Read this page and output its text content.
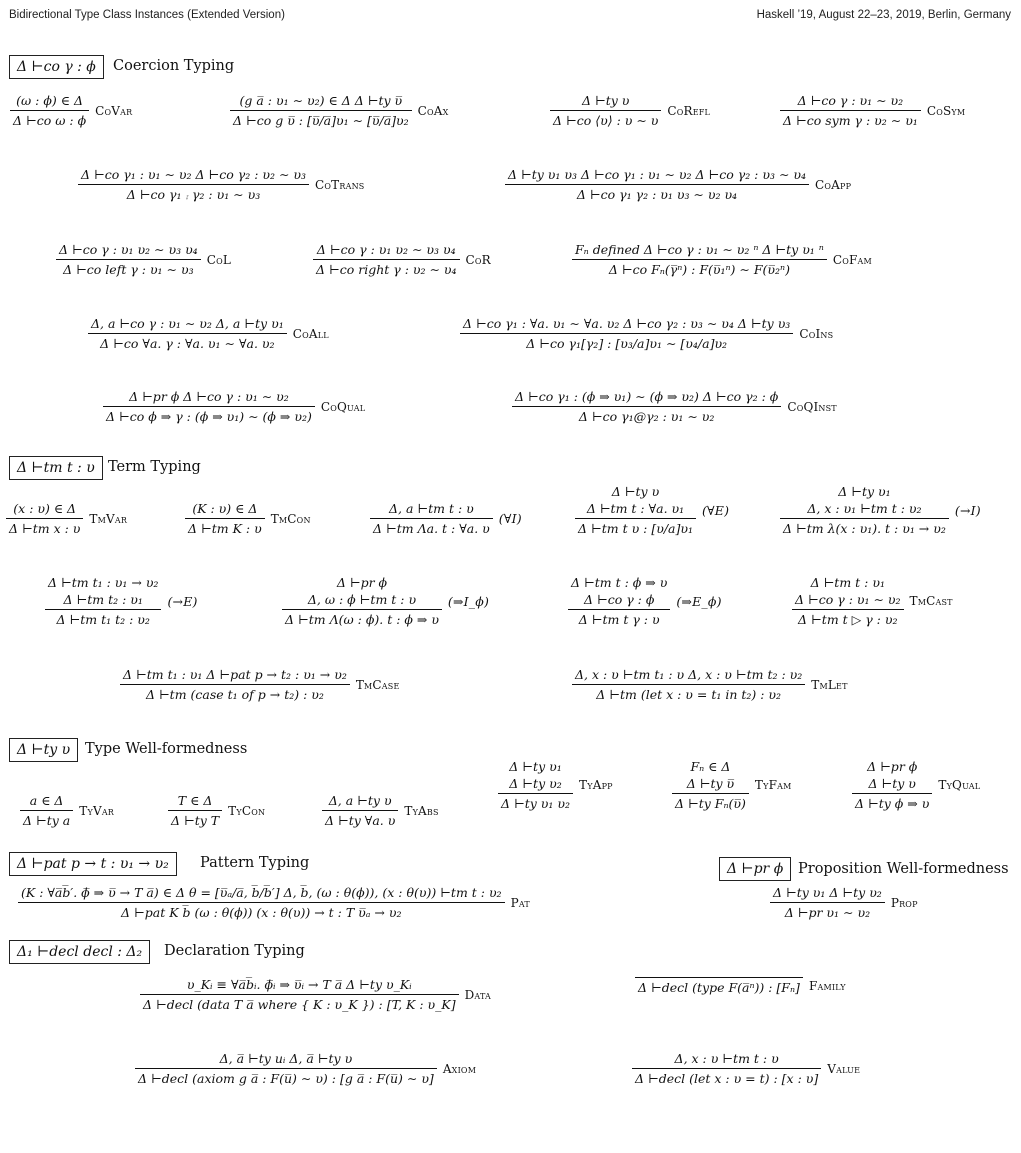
Bidirectional Type Class Instances (Extended Version)	Haskell ’19, August 22–23, 2019, Berlin, Germany
Δ ⊢co γ : ϕ	Coercion Typing
Δ ⊢tm t : υ Term Typing
Δ ⊢ty υ	Type Well-formedness
Δ ⊢pat p → t : υ₁ → υ₂	Pattern Typing	Δ ⊢pr ϕ	Proposition Well-formedness
Δ₁ ⊢decl decl : Δ₂	Declaration Typing
$\frac{(\omega : \phi) \in \Delta}{\text{Δ ⊢co ω : ϕ}}$ CoVar	$\frac{\text{(g a̅ : υ₁ ∼ υ₂) ∈ Δ Δ ⊢ty υ̅}}{\text{Δ ⊢co g υ̅ : [υ̅/a̅]υ₁ ∼ [υ̅/a̅]υ₂}}$ CoAx	$\frac{\text{Δ ⊢ty υ}}{\Delta ⊢co ⟨\upsilon⟩ : \upsilon \sim \upsilon}$ CoRefl	$\frac{\text{Δ ⊢co γ : υ₁ ∼ υ₂}}{\text{Δ ⊢co sym γ : υ₂ ∼ υ₁}}$ CoSym
$\frac{\text{Δ ⊢co γ₁ : υ₁ ∼ υ₂ Δ ⊢co γ₂ : υ₂ ∼ υ₃}}{\text{Δ ⊢co γ₁ ⨾ γ₂ : υ₁ ∼ υ₃}}$ CoTrans	$\frac{\text{Δ ⊢ty υ₁ υ₃ Δ ⊢co γ₁ : υ₁ ∼ υ₂ Δ ⊢co γ₂ : υ₃ ∼ υ₄}}{\text{Δ ⊢co γ₁ γ₂ : υ₁ υ₃ ∼ υ₂ υ₄}}$ CoApp
$\frac{\text{Δ ⊢co γ : υ₁ υ₂ ∼ υ₃ υ₄}}{\text{Δ ⊢co left γ : υ₁ ∼ υ₃}}$ CoL	$\frac{\text{Δ ⊢co γ : υ₁ υ₂ ∼ υ₃ υ₄}}{\text{Δ ⊢co right γ : υ₂ ∼ υ₄}}$ CoR	$\frac{\text{Fₙ defined Δ ⊢co γ : υ₁ ∼ υ₂ ⁿ Δ ⊢ty υ₁ ⁿ}}{\text{Δ ⊢co Fₙ(γ̅ⁿ) : F(υ̅₁ⁿ) ∼ F(υ̅₂ⁿ)}}$ CoFam
$\frac{\text{Δ, a ⊢co γ : υ₁ ∼ υ₂ Δ, a ⊢ty υ₁}}{\text{Δ ⊢co ∀a. γ : ∀a. υ₁ ∼ ∀a. υ₂}}$ CoAll
Δ ⊢co γ₁ : ∀a. υ₁ ∼ ∀a. υ₂ Δ ⊢co γ₂ : υ₃ ∼ υ₄ Δ ⊢ty υ₃
Δ ⊢co γ₁[γ₂] : [υ₃/a]υ₁ ∼ [υ₄/a]υ₂
CoIns
$\frac{\text{Δ ⊢pr ϕ Δ ⊢co γ : υ₁ ∼ υ₂}}{\text{Δ ⊢co ϕ ⇒ γ : (ϕ ⇒ υ₁) ∼ (ϕ ⇒ υ₂)}}$ CoQual	$\frac{\text{Δ ⊢co γ₁ : (ϕ ⇒ υ₁) ∼ (ϕ ⇒ υ₂) Δ ⊢co γ₂ : ϕ}}{\text{Δ ⊢co γ₁@γ₂ : υ₁ ∼ υ₂}}$ CoQInst
$\frac{(x : \upsilon) \in \Delta}{\text{Δ ⊢tm x : υ}}$ TmVar	$\frac{(K : \upsilon) \in \Delta}{\text{Δ ⊢tm K : υ}}$ TmCon	$\frac{\text{Δ, a ⊢tm t : υ}}{\text{Δ ⊢tm Λa. t : ∀a. υ}}$ (∀I)	Δ ⊢ty υ
Δ ⊢tm t : ∀a. υ₁
Δ ⊢tm t υ : [υ/a]υ₁ (∀E)	Δ ⊢ty υ₁
Δ, x : υ₁ ⊢tm t : υ₂
Δ ⊢tm λ(x : υ₁). t : υ₁ → υ₂ (→I)
Δ ⊢tm t₁ : υ₁ → υ₂
Δ ⊢tm t₂ : υ₁
Δ ⊢tm t₁ t₂ : υ₂ (→E)	Δ ⊢pr ϕ
Δ, ω : ϕ ⊢tm t : υ
Δ ⊢tm Λ(ω : ϕ). t : ϕ ⇒ υ (⇒I_ϕ)	Δ ⊢tm t : ϕ ⇒ υ
Δ ⊢co γ : ϕ
Δ ⊢tm t γ : υ (⇒E_ϕ)	Δ ⊢tm t : υ₁
Δ ⊢co γ : υ₁ ∼ υ₂
Δ ⊢tm t ▷ γ : υ₂ TmCast
$\frac{\text{Δ ⊢tm t₁ : υ₁ Δ ⊢pat p → t₂ : υ₁ → υ₂}}{\text{Δ ⊢tm (case t₁ of p → t₂) : υ₂}}$ TmCase	$\frac{\text{Δ, x : υ ⊢tm t₁ : υ Δ, x : υ ⊢tm t₂ : υ₂}}{\text{Δ ⊢tm (let x : υ = t₁ in t₂) : υ₂}}$ TmLet
$\frac{a \in \Delta}{\text{Δ ⊢ty a}}$ TyVar	$\frac{T \in \Delta}{\text{Δ ⊢ty T}}$ TyCon	$\frac{\text{Δ, a ⊢ty υ}}{\Delta ⊢ty \forall a. \upsilon}$ TyAbs	Δ ⊢ty υ₁
Δ ⊢ty υ₂
Δ ⊢ty υ₁ υ₂ TyApp	Fₙ ∈ Δ
Δ ⊢ty υ̅
Δ ⊢ty Fₙ(υ̅) TyFam	Δ ⊢pr ϕ
Δ ⊢ty υ
Δ ⊢ty ϕ ⇒ υ TyQual
(K : ∀a̅b̅′. ϕ̅ ⇒ υ̅ → T a̅) ∈ Δ θ = [υ̅ₐ/a̅, b̅/b̅′] Δ, b̅, (ω : θ(ϕ)), (x : θ(υ)) ⊢tm t : υ₂
Δ ⊢pat K b̅ (ω : θ(ϕ)) (x : θ(υ)) → t : T υ̅ₐ → υ₂
Pat	$\frac{\text{Δ ⊢ty υ₁ Δ ⊢ty υ₂}}{\text{Δ ⊢pr υ₁ ∼ υ₂}}$ Prop
$\frac{\text{υ\_Kᵢ ≡ ∀a̅b̅ᵢ. ϕ̅ᵢ ⇒ υ̅ᵢ → T a̅ Δ ⊢ty υ\_Kᵢ}}{\text{Δ ⊢decl (data T a̅ where \{ K : υ\_K \}) : [T, K : υ\_K]}}$ Data	Δ ⊢decl (type F(a̅ⁿ)) : [Fₙ] Family
$\frac{\text{Δ, a̅ ⊢ty uᵢ Δ, a̅ ⊢ty υ}}{\text{Δ ⊢decl (axiom g a̅ : F(u̅) ∼ υ) : [g a̅ : F(u̅) ∼ υ]}}$ Axiom	$\frac{\text{Δ, x : υ ⊢tm t : υ}}{\text{Δ ⊢decl (let x : υ = t) : [x : υ]}}$ Value
